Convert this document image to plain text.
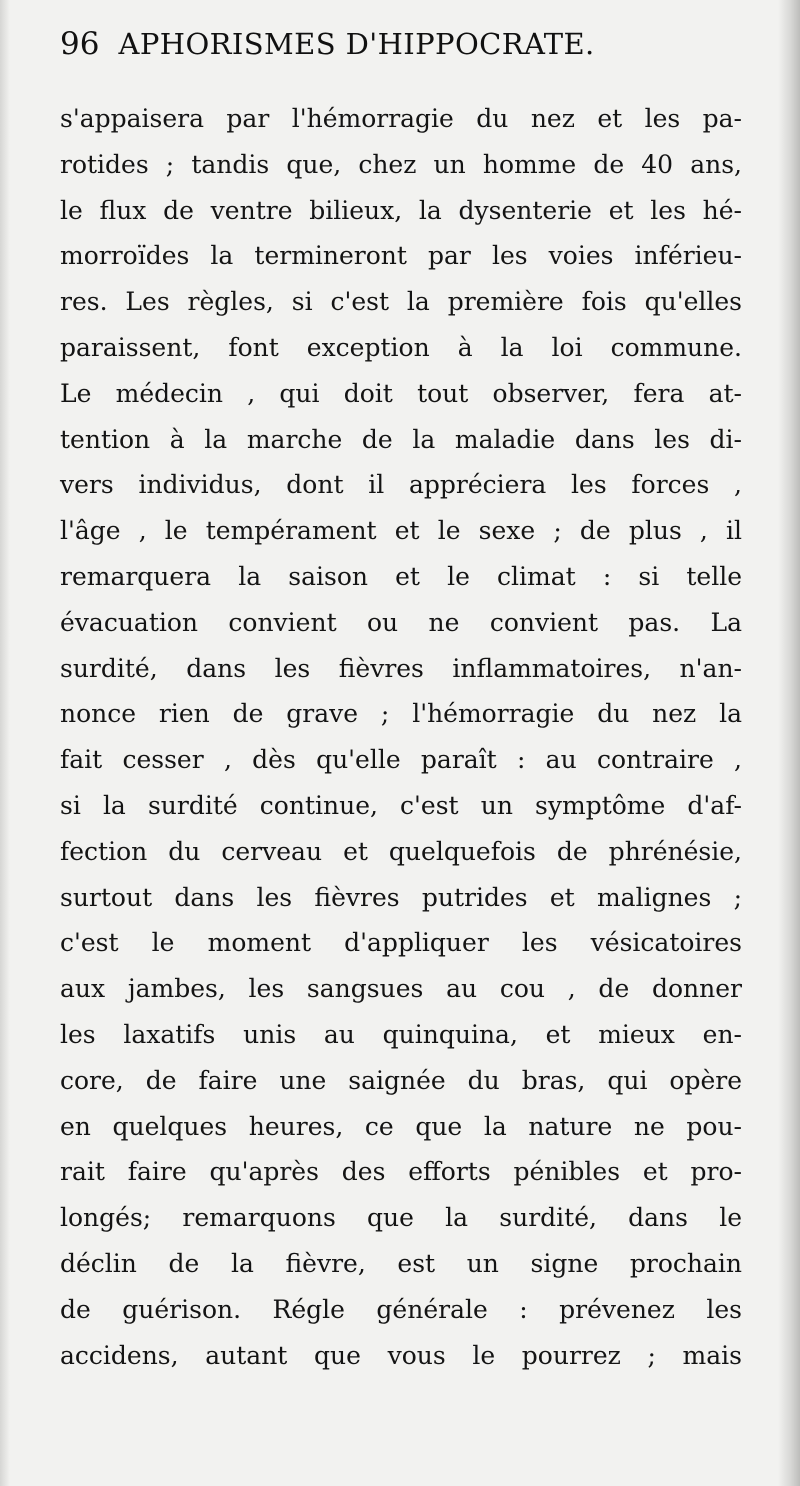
96 APHORISMES D'HIPPOCRATE.
s'appaisera par l'hémorragie du nez et les pa-
rotides ; tandis que, chez un homme de 40 ans,
le flux de ventre bilieux, la dysenterie et les hé-
morroïdes la termineront par les voies inférieu-
res. Les règles, si c'est la première fois qu'elles
paraissent, font exception à la loi commune.
Le médecin , qui doit tout observer, fera at-
tention à la marche de la maladie dans les di-
vers individus, dont il appréciera les forces ,
l'âge , le tempérament et le sexe ; de plus , il
remarquera la saison et le climat : si telle
évacuation convient ou ne convient pas. La
surdité, dans les fièvres inflammatoires, n'an-
nonce rien de grave ; l'hémorragie du nez la
fait cesser , dès qu'elle paraît : au contraire ,
si la surdité continue, c'est un symptôme d'af-
fection du cerveau et quelquefois de phrénésie,
surtout dans les fièvres putrides et malignes ;
c'est le moment d'appliquer les vésicatoires
aux jambes, les sangsues au cou , de donner
les laxatifs unis au quinquina, et mieux en-
core, de faire une saignée du bras, qui opère
en quelques heures, ce que la nature ne pou-
rait faire qu'après des efforts pénibles et pro-
longés; remarquons que la surdité, dans le
déclin de la fièvre, est un signe prochain
de guérison. Régle générale : prévenez les
accidens, autant que vous le pourrez ; mais
